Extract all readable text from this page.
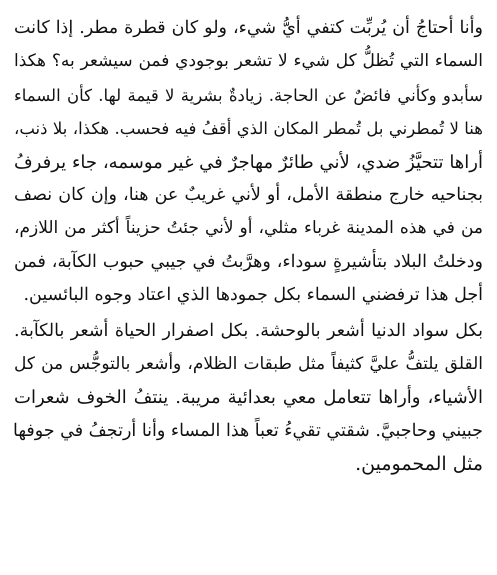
وأنا أحتاجُ أن يُربِّت كتفي أيُّ شيء، ولو كان قطرة مطر. إذا كانت
السماء التي تُظلُّ كل شيء لا تشعر بوجودي فمن سيشعر به؟ هكذا
سأبدو وكأني فائضٌ عن الحاجة. زيادةٌ بشرية لا قيمة لها. كأن السماء
هنا لا تُمطرني بل تُمطر المكان الذي أقفُ فيه فحسب. هكذا، بلا ذنب،
أراها تتحيَّزُ ضدي، لأني طائرٌ مهاجرٌ في غير موسمه، جاء يرفرفُ
بجناحيه خارج منطقة الأمل، أو لأني غريبٌ عن هنا، وإن كان نصف
من في هذه المدينة غرباء مثلي، أو لأني جئتُ حزيناً أكثر من اللازم،
ودخلتُ البلاد بتأشيرةٍ سوداء، وهرَّبتُ في جيبي حبوب الكآبة، فمن
أجل هذا ترفضني السماء بكل جمودها الذي اعتاد وجوه البائسين.

بكل سواد الدنيا أشعر بالوحشة. بكل اصفرار الحياة أشعر بالكآبة.
القلق يلتفُّ عليَّ كثيفاً مثل طبقات الظلام، وأشعر بالتوجُّس من كل
الأشياء، وأراها تتعامل معي بعدائية مريبة. ينتفُ الخوف شعرات
جبيني وحاجبيَّ. شقتي تقيءُ تعباً هذا المساء وأنا أرتجفُ في جوفها
مثل المحمومين.
